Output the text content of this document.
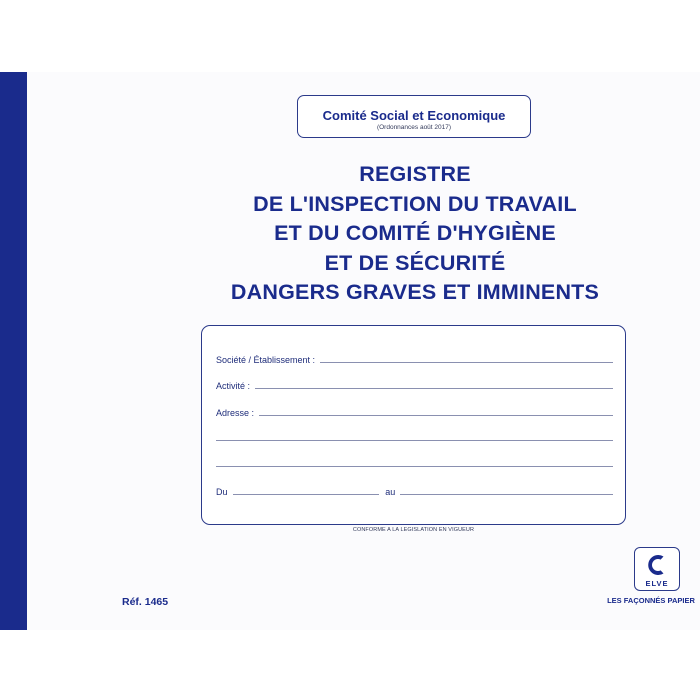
Comité Social et Economique
(Ordonnances août 2017)
REGISTRE
DE L'INSPECTION DU TRAVAIL
ET DU COMITÉ D'HYGIÈNE
ET DE SÉCURITÉ
DANGERS GRAVES ET IMMINENTS
Société / Établissement :
Activité :
Adresse :
Du	au
CONFORME A LA LEGISLATION EN VIGUEUR
Réf. 1465
ELVE
LES FAÇONNÉS PAPIER
